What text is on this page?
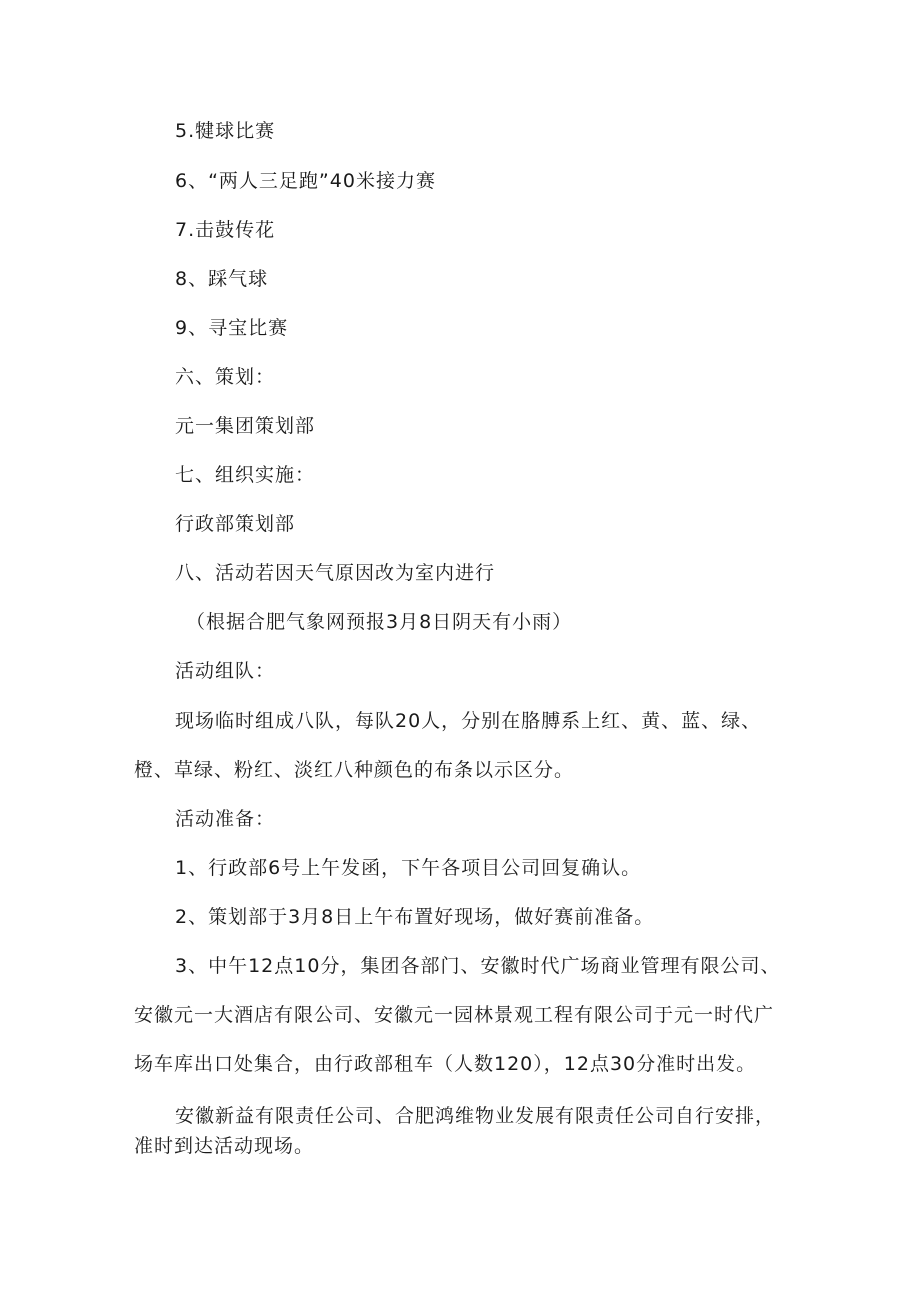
5.犍球比赛
6、“两人三足跑”40米接力赛
7.击鼓传花
8、踩气球
9、寻宝比赛
六、策划：
元一集团策划部
七、组织实施：
行政部策划部
八、活动若因天气原因改为室内进行
（根据合肥气象网预报3月8日阴天有小雨）
活动组队：
现场临时组成八队，每队20人，分别在胳膊系上红、黄、蓝、绿、
橙、草绿、粉红、淡红八种颜色的布条以示区分。
活动准备：
1、行政部6号上午发函，下午各项目公司回复确认。
2、策划部于3月8日上午布置好现场，做好赛前准备。
3、中午12点10分，集团各部门、安徽时代广场商业管理有限公司、
安徽元一大酒店有限公司、安徽元一园林景观工程有限公司于元一时代广
场车库出口处集合，由行政部租车（人数120），12点30分准时出发。
安徽新益有限责任公司、合肥鸿维物业发展有限责任公司自行安排，
准时到达活动现场。
